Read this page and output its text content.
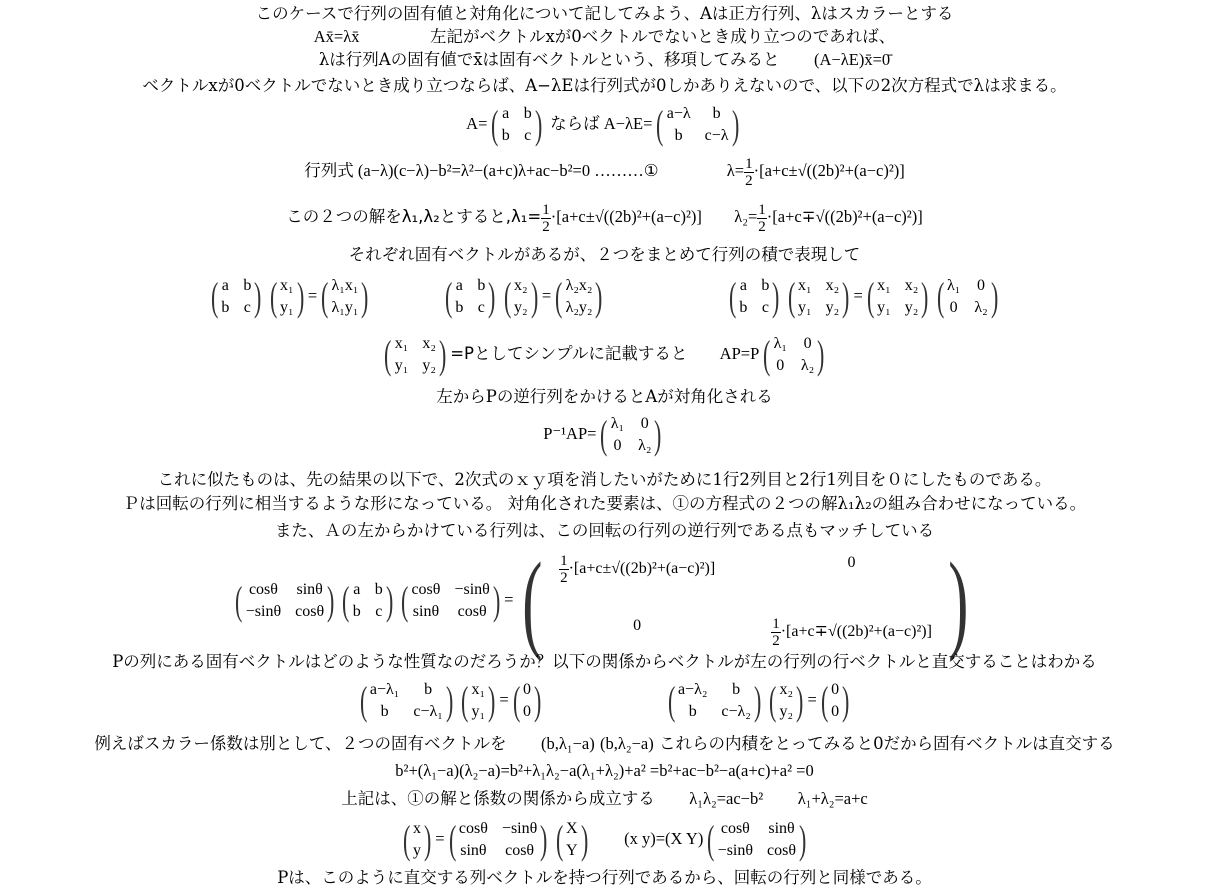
このケースで行列の固有値と対角化について記してみよう、Aは正方行列、λはスカラーとする
Ax̄=λx̄	左記がベクトルxが0ベクトルでないとき成り立つのであれば、
λは行列Aの固有値でx̄は固有ベクトルという、移項してみると (A−λE)x̄=0̄
ベクトルxが0ベクトルでないとき成り立つならば、A−λEは行列式が0しかありえないので、以下の2次方程式でλは求まる。
A= ( a b
b c ) ならば A−λE= ( a−λ	b
b	c−λ )
行列式 (a−λ)(c−λ)−b²=λ²−(a+c)λ+ac−b²=0 ………①	$\lambda= \frac{1}{2} \cdot[a+c\pm√((2b)^2+(a-c)^2)]$
この２つの解をλ₁,λ₂とすると$,\lambda_1= \frac{1}{2} \cdot[a+c\pm√((2b)^2+(a-c)^2)]$ $\lambda_2= \frac{1}{2} \cdot[a+c\mp√((2b)^2+(a-c)^2)]$
それぞれ固有ベクトルがあるが、２つをまとめて行列の積で表現して
( a b
b c ) ( x₁
y₁ ) = ( λ₁x₁
λ₁y₁ )
( a b
b c ) ( x₂
y₂ ) = ( λ₂x₂
λ₂y₂ )
	( a b
b c ) ( x₁ x₂
y₁ y₂ ) = ( x₁ x₂
y₁ y₂ ) ( λ₁ 0
0 λ₂ )
( x₁ x₂
y₁ y₂ ) =Pとしてシンプルに記載すると AP=P ( λ₁ 0
0 λ₂ )
左からPの逆行列をかけるとAが対角化される
P⁻¹AP= ( λ₁ 0
0 λ₂ )
これに似たものは、先の結果の以下で、2次式のｘｙ項を消したいがために1行2列目と2行1列目を０にしたものである。
Ｐは回転の行列に相当するような形になっている。 対角化された要素は、①の方程式の２つの解λ₁λ₂の組み合わせになっている。
また、Ａの左からかけている行列は、この回転の行列の逆行列である点もマッチしている
( cosθ sinθ
−sinθ cosθ ) ( a b
b c ) ( cosθ −sinθ
sinθ cosθ ) = ( $\frac{1}{2} \cdot[a+c\pm√((2b)^2+(a-c)^2)]$	0
0	$\frac{1}{2} \cdot[a+c\mp√((2b)^2+(a-c)^2)]$ )
Pの列にある固有ベクトルはどのような性質なのだろうか？以下の関係からベクトルが左の行列の行ベクトルと直交することはわかる
( a−λ₁	b
b	c−λ₁ ) ( x₁
y₁ ) = ( 0
0 )
	( a−λ₂	b
b	c−λ₂ ) ( x₂
y₂ ) = ( 0
0 )
例えばスカラー係数は別として、２つの固有ベクトルを (b,λ₁−a) (b,λ₂−a) これらの内積をとってみると0だから固有ベクトルは直交する
b²+(λ₁−a)(λ₂−a)=b²+λ₁λ₂−a(λ₁+λ₂)+a² =b²+ac−b²−a(a+c)+a² =0
上記は、①の解と係数の関係から成立する λ₁λ₂=ac−b² λ₁+λ₂=a+c
( x
y ) = ( cosθ −sinθ
sinθ cosθ ) ( X
Y ) (x y)=(X Y) ( cosθ sinθ
−sinθ cosθ )
Pは、このように直交する列ベクトルを持つ行列であるから、回転の行列と同様である。
